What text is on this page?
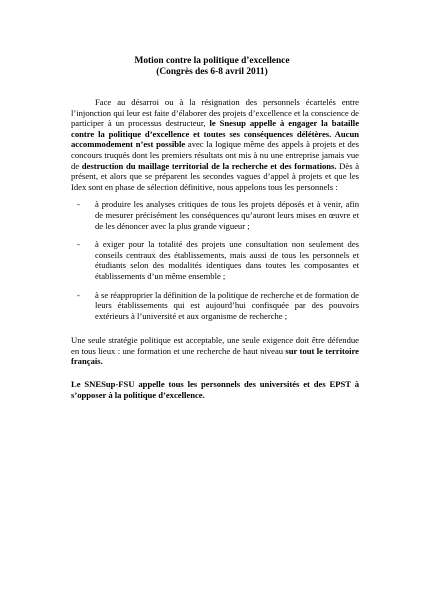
Motion contre la politique d’excellence
(Congrès des 6-8 avril 2011)

Face au désarroi ou à la résignation des personnels écartelés entre l’injonction qui leur est faite d’élaborer des projets d’excellence et la conscience de participer à un processus destructeur, le Snesup appelle à engager la bataille contre la politique d’excellence et toutes ses conséquences délétères. Aucun accommodement n’est possible avec la logique même des appels à projets et des concours truqués dont les premiers résultats ont mis à nu une entreprise jamais vue de destruction du maillage territorial de la recherche et des formations. Dès à présent, et alors que se préparent les secondes vagues d’appel à projets et que les Idex sont en phase de sélection définitive, nous appelons tous les personnels :

- à produire les analyses critiques de tous les projets déposés et à venir, afin de mesurer précisément les conséquences qu’auront leurs mises en œuvre et de les dénoncer avec la plus grande vigueur ;
- à exiger pour la totalité des projets une consultation non seulement des conseils centraux des établissements, mais aussi de tous les personnels et étudiants selon des modalités identiques dans toutes les composantes et établissements d’un même ensemble ;
- à se réapproprier la définition de la politique de recherche et de formation de leurs établissements qui est aujourd’hui confisquée par des pouvoirs extérieurs à l’université et aux organisme de recherche ;

Une seule stratégie politique est acceptable, une seule exigence doit être défendue en tous lieux : une formation et une recherche de haut niveau sur tout le territoire français.

Le SNESup-FSU appelle tous les personnels des universités et des EPST à s’opposer à la politique d’excellence.
